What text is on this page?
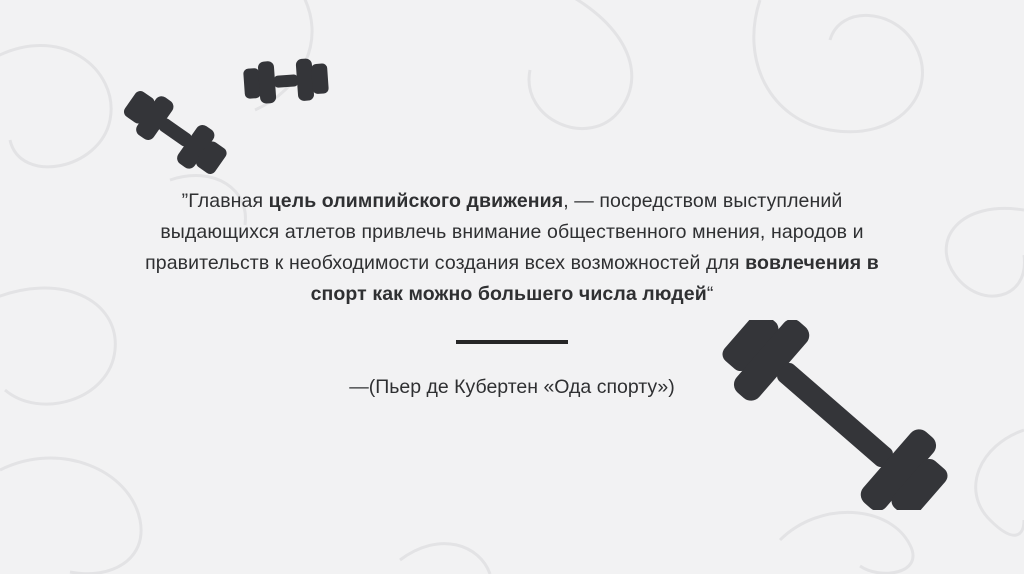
”Главная цель олимпийского движения, — посредством выступлений выдающихся атлетов привлечь внимание общественного мнения, народов и правительств к необходимости создания всех возможностей для вовлечения в спорт как можно большего числа людей“
—(Пьер де Кубертен «Ода спорту»)
